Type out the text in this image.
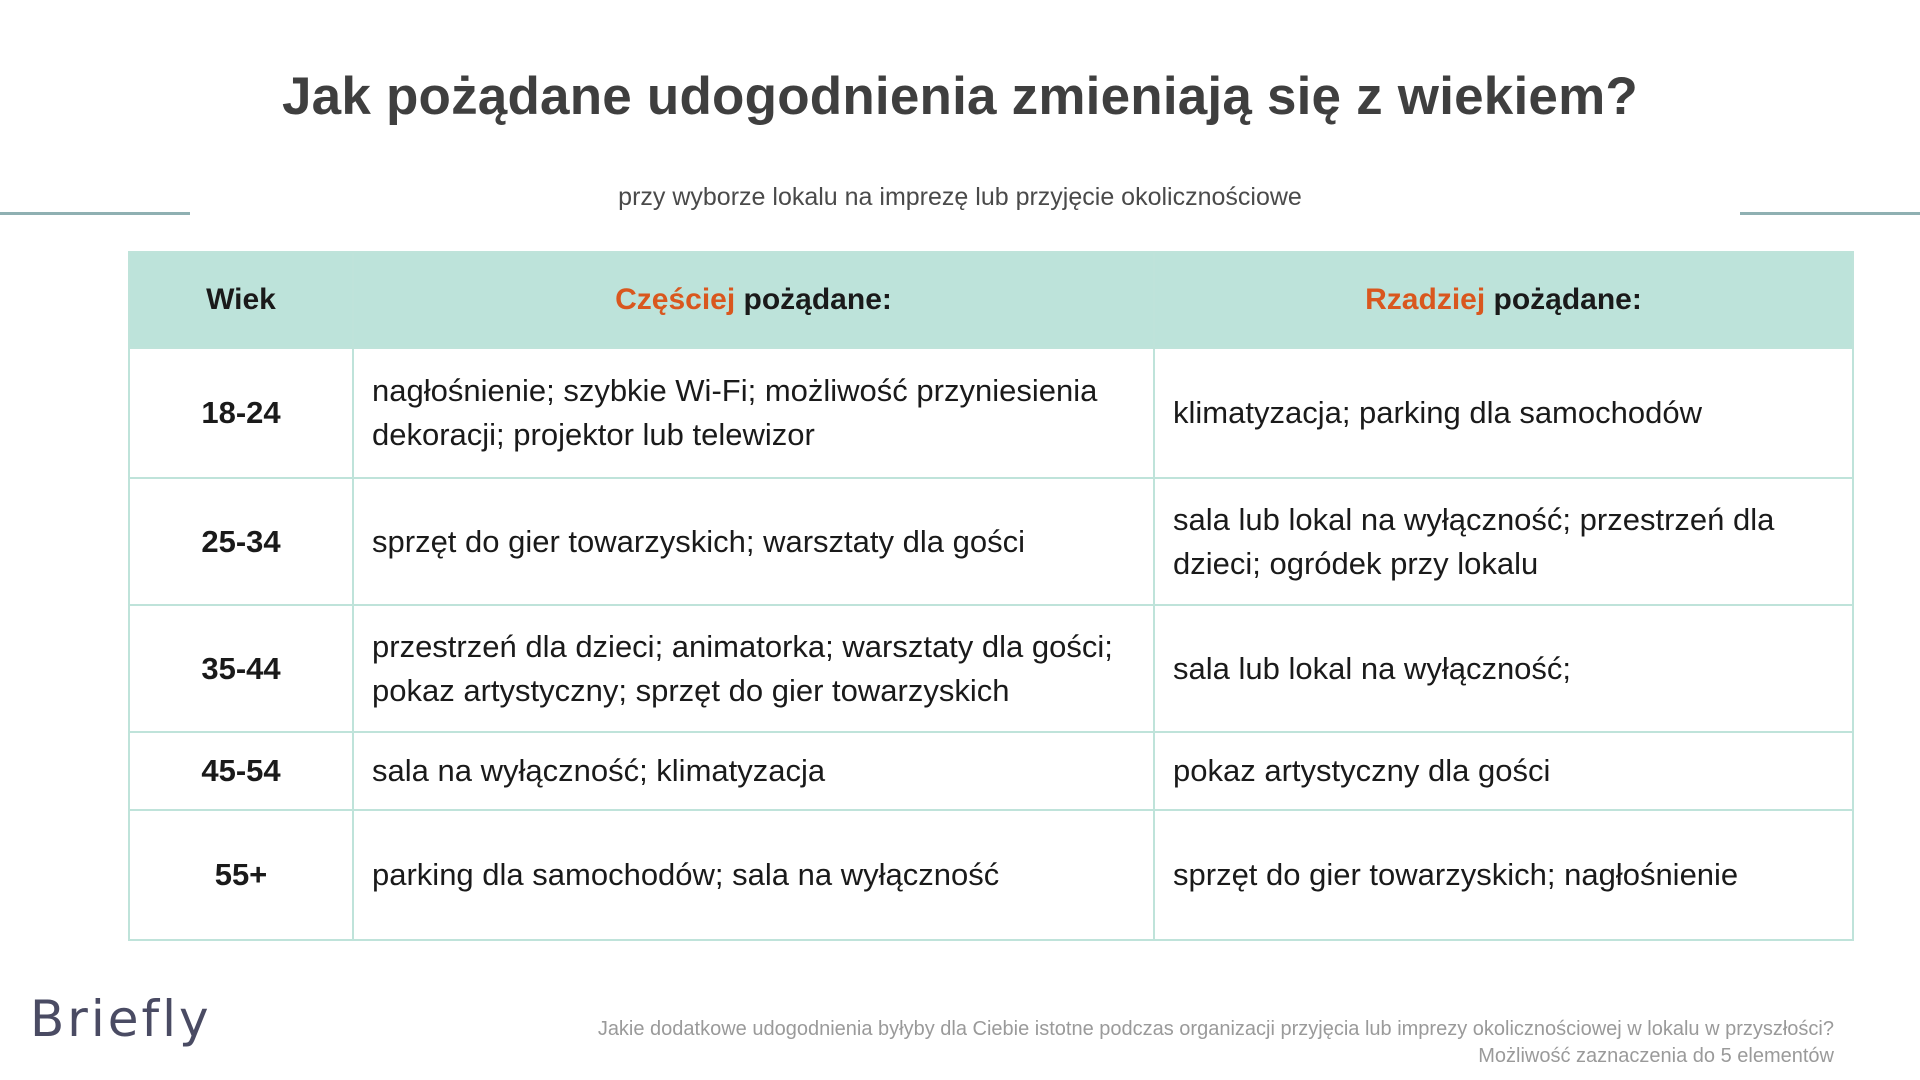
Jak pożądane udogodnienia zmieniają się z wiekiem?
przy wyborze lokalu na imprezę lub przyjęcie okolicznościowe
Wiek	Częściej pożądane:	Rzadziej pożądane:
18-24	nagłośnienie; szybkie Wi-Fi; możliwość przyniesienia dekoracji; projektor lub telewizor	klimatyzacja; parking dla samochodów
25-34	sprzęt do gier towarzyskich; warsztaty dla gości	sala lub lokal na wyłączność; przestrzeń dla dzieci; ogródek przy lokalu
35-44	przestrzeń dla dzieci; animatorka; warsztaty dla gości; pokaz artystyczny; sprzęt do gier towarzyskich	sala lub lokal na wyłączność;
45-54	sala na wyłączność; klimatyzacja	pokaz artystyczny dla gości
55+	parking dla samochodów; sala na wyłączność	sprzęt do gier towarzyskich; nagłośnienie
Briefly	Jakie dodatkowe udogodnienia byłyby dla Ciebie istotne podczas organizacji przyjęcia lub imprezy okolicznościowej w lokalu w przyszłości?
Możliwość zaznaczenia do 5 elementów
